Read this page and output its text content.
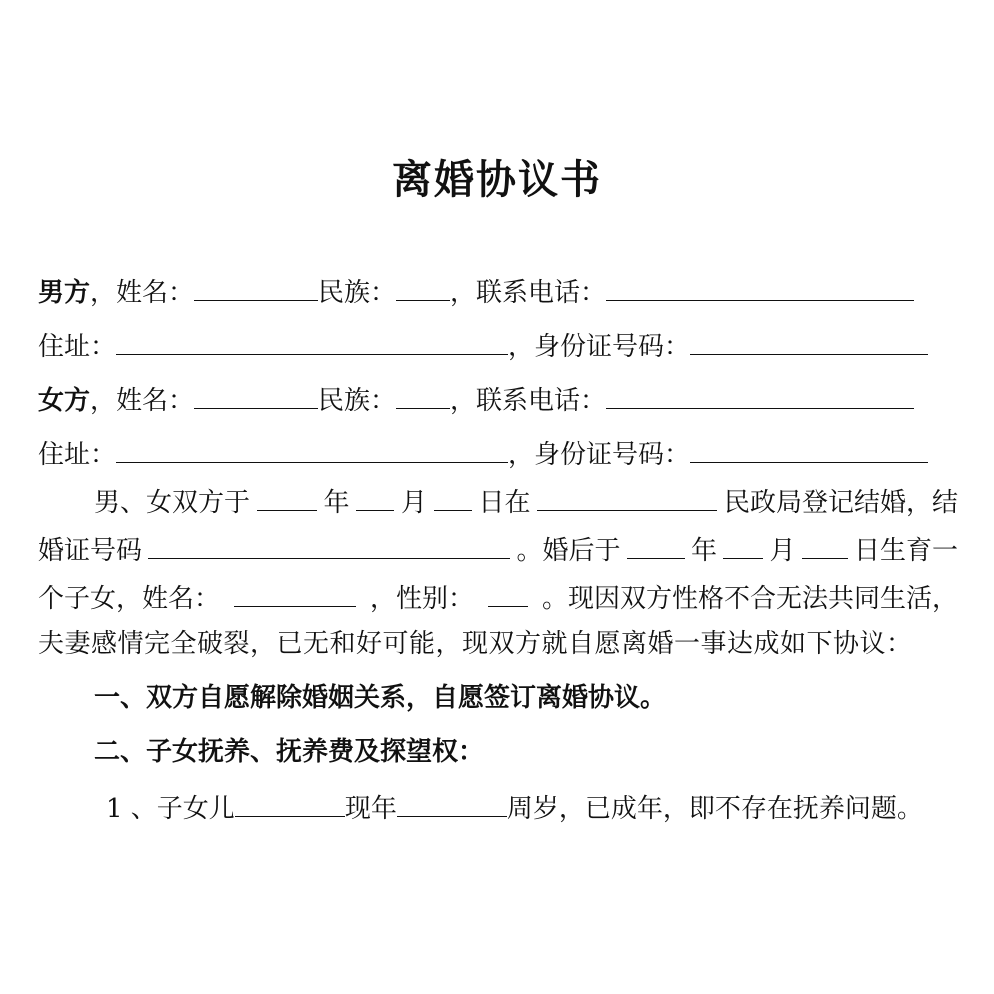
离婚协议书
男方 ，姓名：	民族： ，联系电话：
住址：	，身份证号码：
女方 ，姓名：	民族： ，联系电话：
住址：	，身份证号码：
男、女双方于	年 月 日在	民政局登记结婚，结
婚证号码	。婚后于	年 月 日生育一
个子女，姓名：	，性别：	。现因双方性格不合无法共同生活，
夫妻感情完全破裂，已无和好可能，现双方就自愿离婚一事达成如下协议：
一、双方自愿解除婚姻关系，自愿签订离婚协议。
二、子女抚养、抚养费及探望权：
1 、子女儿	现年	周岁，已成年，即不存在抚养问题。
